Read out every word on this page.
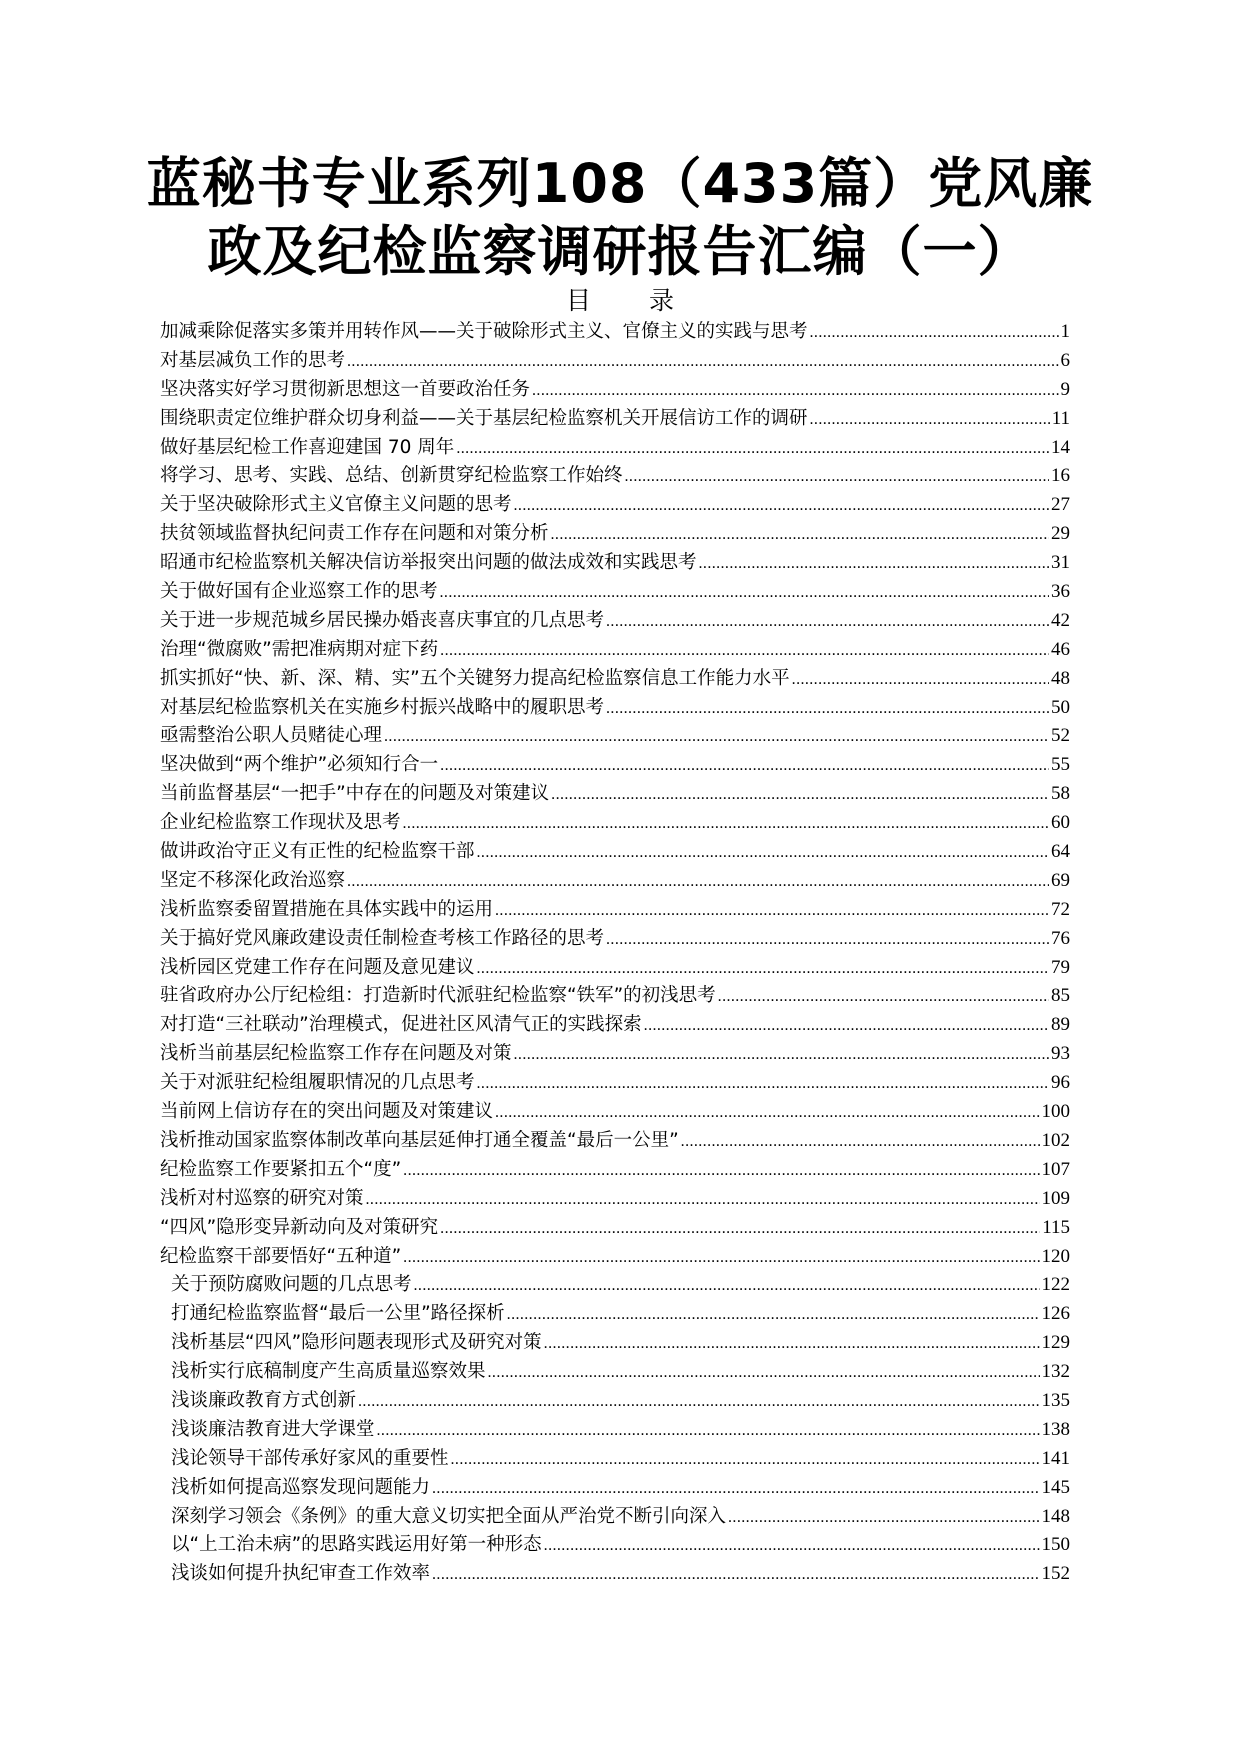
蓝秘书专业系列108（433篇）党风廉
政及纪检监察调研报告汇编（一）
目 录
加减乘除促落实多策并用转作风——关于破除形式主义、官僚主义的实践与思考 .....	1
对基层减负工作的思考 .....	6
坚决落实好学习贯彻新思想这一首要政治任务 .....	9
围绕职责定位维护群众切身利益——关于基层纪检监察机关开展信访工作的调研 .....	11
做好基层纪检工作喜迎建国 70 周年 .....	14
将学习、思考、实践、总结、创新贯穿纪检监察工作始终 .....	16
关于坚决破除形式主义官僚主义问题的思考 .....	27
扶贫领域监督执纪问责工作存在问题和对策分析 .....	29
昭通市纪检监察机关解决信访举报突出问题的做法成效和实践思考 .....	31
关于做好国有企业巡察工作的思考 .....	36
关于进一步规范城乡居民操办婚丧喜庆事宜的几点思考 .....	42
治理“微腐败”需把准病期对症下药 .....	46
抓实抓好“快、新、深、精、实”五个关键努力提高纪检监察信息工作能力水平 .....	48
对基层纪检监察机关在实施乡村振兴战略中的履职思考 .....	50
亟需整治公职人员赌徒心理 .....	52
坚决做到“两个维护”必须知行合一 .....	55
当前监督基层“一把手”中存在的问题及对策建议 .....	58
企业纪检监察工作现状及思考 .....	60
做讲政治守正义有正性的纪检监察干部 .....	64
坚定不移深化政治巡察 .....	69
浅析监察委留置措施在具体实践中的运用 .....	72
关于搞好党风廉政建设责任制检查考核工作路径的思考 .....	76
浅析园区党建工作存在问题及意见建议 .....	79
驻省政府办公厅纪检组：打造新时代派驻纪检监察“铁军”的初浅思考 .....	85
对打造“三社联动”治理模式，促进社区风清气正的实践探索 .....	89
浅析当前基层纪检监察工作存在问题及对策 .....	93
关于对派驻纪检组履职情况的几点思考 .....	96
当前网上信访存在的突出问题及对策建议 .....	100
浅析推动国家监察体制改革向基层延伸打通全覆盖“最后一公里” .....	102
纪检监察工作要紧扣五个“度” .....	107
浅析对村巡察的研究对策 .....	109
“四风”隐形变异新动向及对策研究 .....	115
纪检监察干部要悟好“五种道” .....	120
关于预防腐败问题的几点思考 .....	122
打通纪检监察监督“最后一公里”路径探析 .....	126
浅析基层“四风”隐形问题表现形式及研究对策 .....	129
浅析实行底稿制度产生高质量巡察效果 .....	132
浅谈廉政教育方式创新 .....	135
浅谈廉洁教育进大学课堂 .....	138
浅论领导干部传承好家风的重要性 .....	141
浅析如何提高巡察发现问题能力 .....	145
深刻学习领会《条例》的重大意义切实把全面从严治党不断引向深入 .....	148
以“上工治未病”的思路实践运用好第一种形态 .....	150
浅谈如何提升执纪审查工作效率 .....	152
